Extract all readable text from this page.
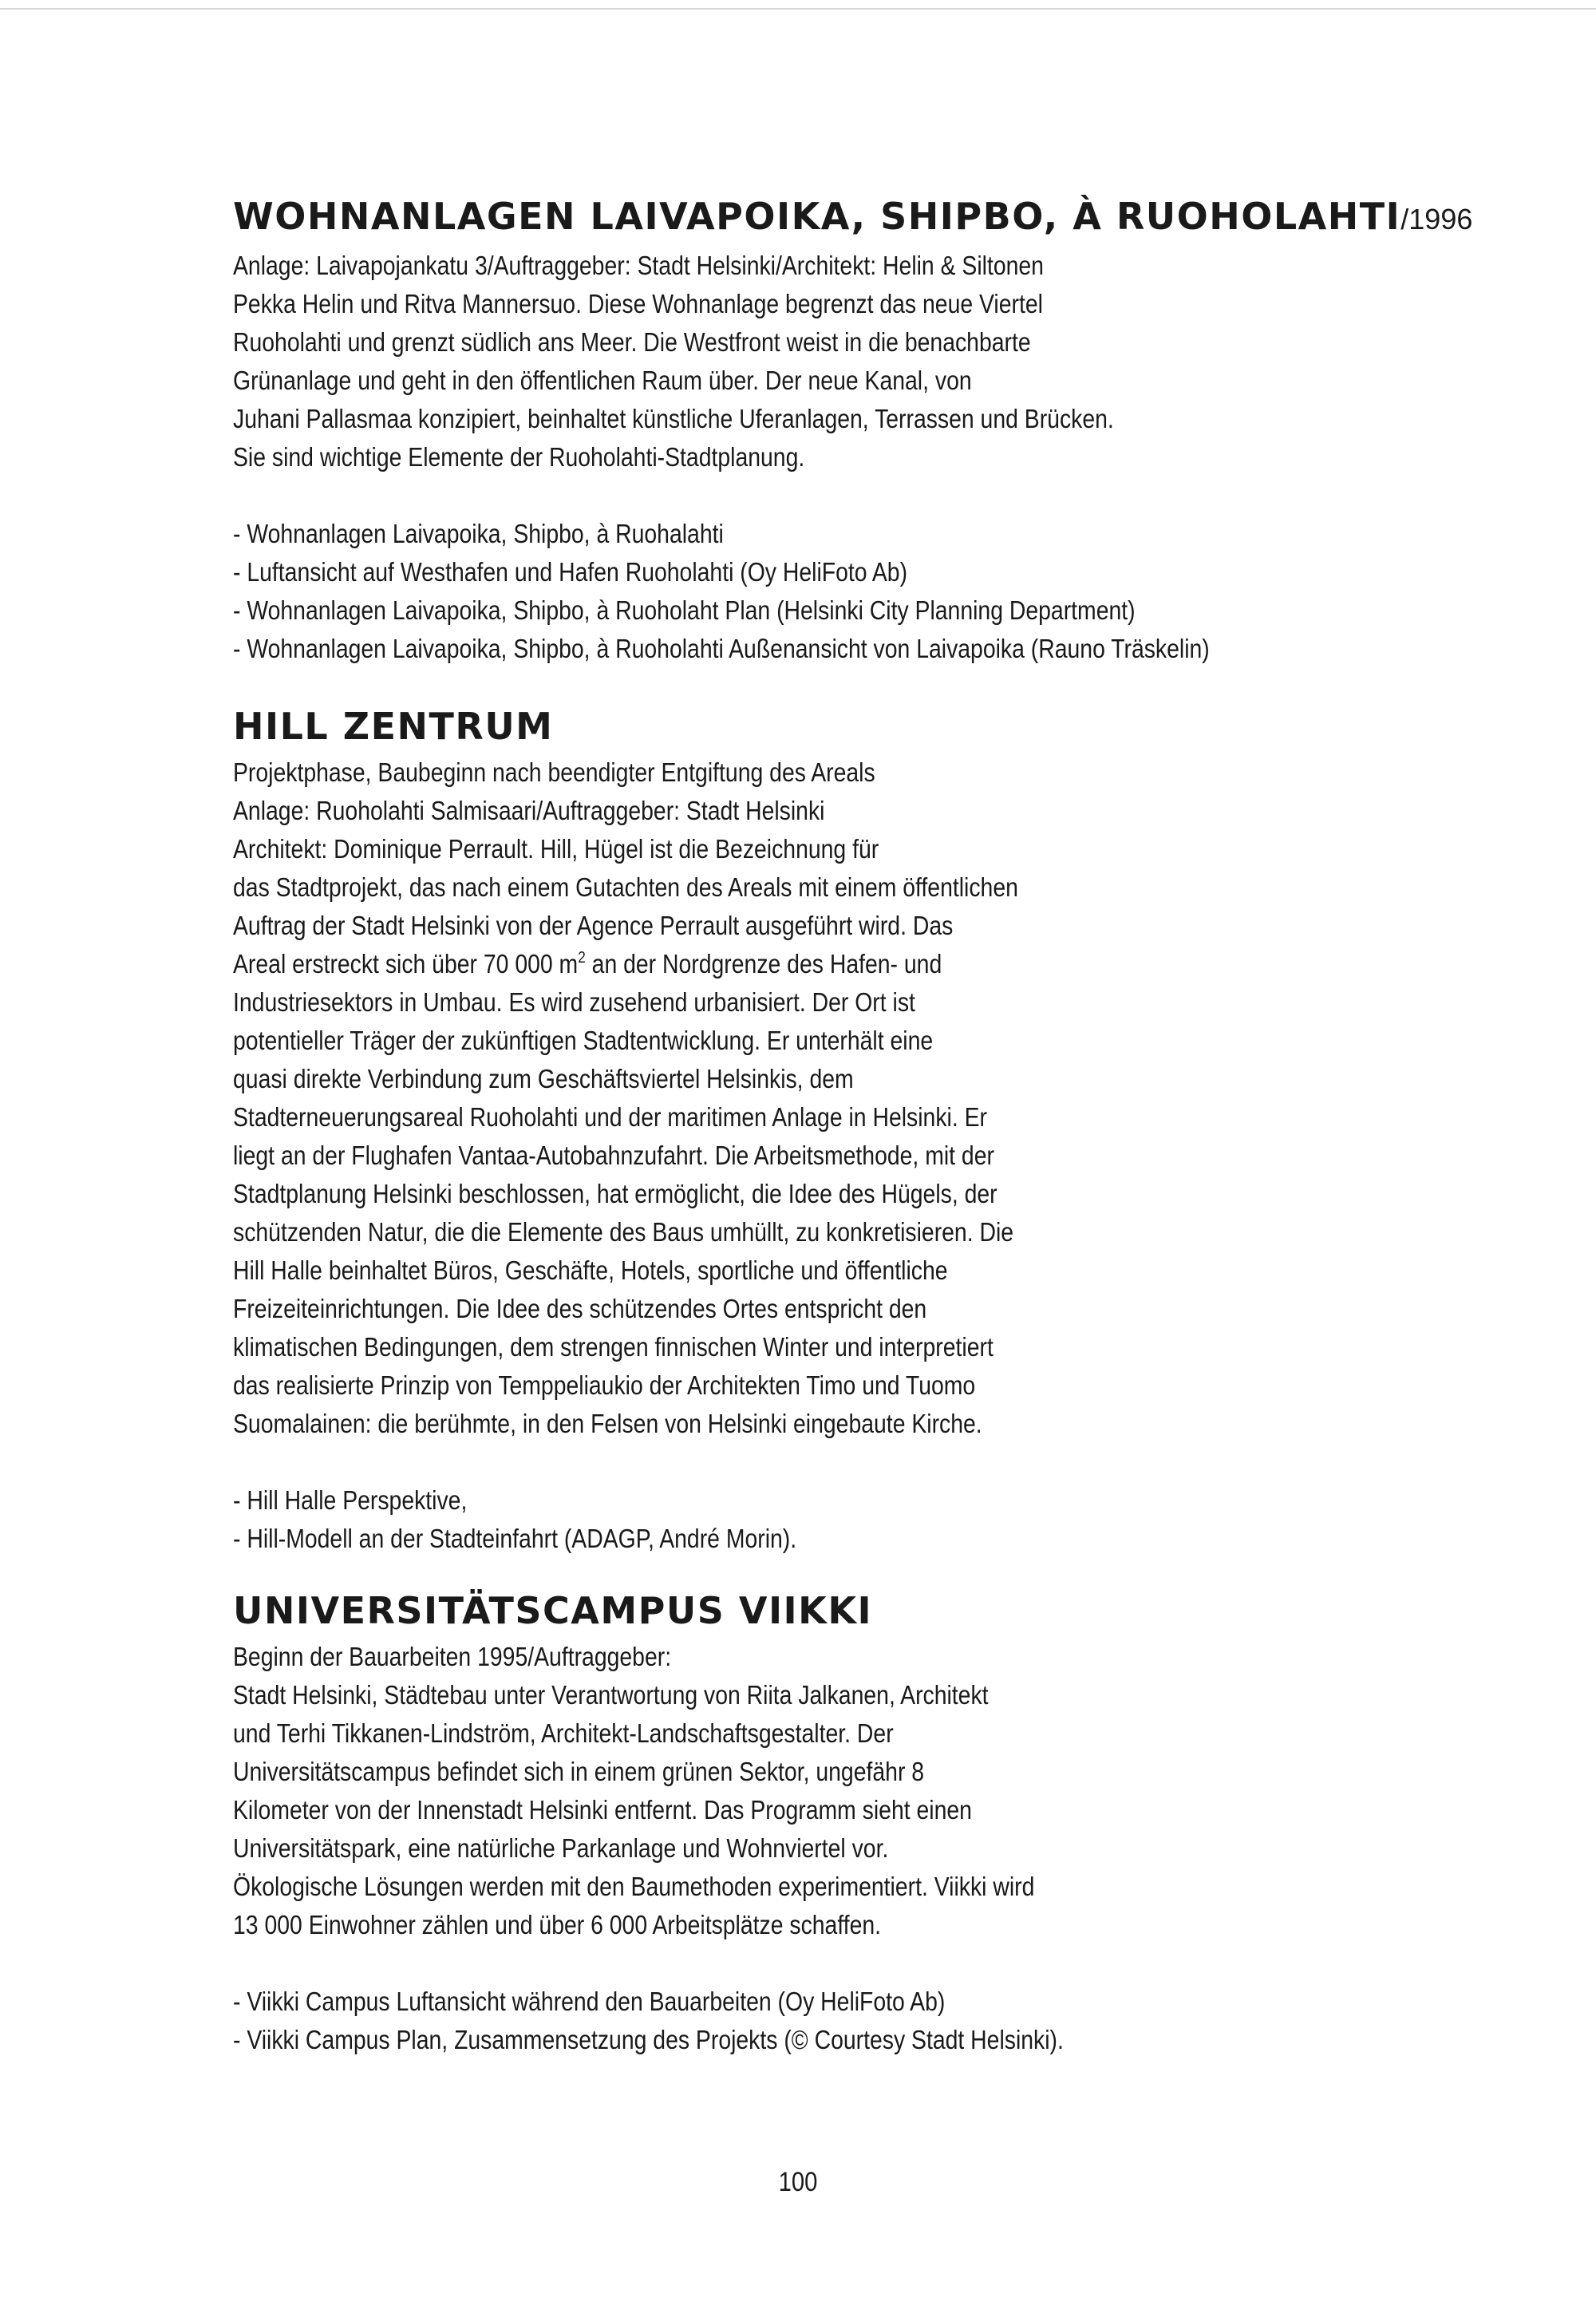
WOHNANLAGEN LAIVAPOIKA, SHIPBO, À RUOHOLAHTI/1996
Anlage: Laivapojankatu 3/Auftraggeber: Stadt Helsinki/Architekt: Helin & Siltonen
Pekka Helin und Ritva Mannersuo. Diese Wohnanlage begrenzt das neue Viertel
Ruoholahti und grenzt südlich ans Meer. Die Westfront weist in die benachbarte
Grünanlage und geht in den öffentlichen Raum über. Der neue Kanal, von
Juhani Pallasmaa konzipiert, beinhaltet künstliche Uferanlagen, Terrassen und Brücken.
Sie sind wichtige Elemente der Ruoholahti-Stadtplanung.
- Wohnanlagen Laivapoika, Shipbo, à Ruohalahti
- Luftansicht auf Westhafen und Hafen Ruoholahti (Oy HeliFoto Ab)
- Wohnanlagen Laivapoika, Shipbo, à Ruoholaht Plan (Helsinki City Planning Department)
- Wohnanlagen Laivapoika, Shipbo, à Ruoholahti Außenansicht von Laivapoika (Rauno Träskelin)
HILL ZENTRUM
Projektphase, Baubeginn nach beendigter Entgiftung des Areals
Anlage: Ruoholahti Salmisaari/Auftraggeber: Stadt Helsinki
Architekt: Dominique Perrault. Hill, Hügel ist die Bezeichnung für
das Stadtprojekt, das nach einem Gutachten des Areals mit einem öffentlichen
Auftrag der Stadt Helsinki von der Agence Perrault ausgeführt wird. Das
Areal erstreckt sich über 70 000 $m^2$ an der Nordgrenze des Hafen- und
Industriesektors in Umbau. Es wird zusehend urbanisiert. Der Ort ist
potentieller Träger der zukünftigen Stadtentwicklung. Er unterhält eine
quasi direkte Verbindung zum Geschäftsviertel Helsinkis, dem
Stadterneuerungsareal Ruoholahti und der maritimen Anlage in Helsinki. Er
liegt an der Flughafen Vantaa-Autobahnzufahrt. Die Arbeitsmethode, mit der
Stadtplanung Helsinki beschlossen, hat ermöglicht, die Idee des Hügels, der
schützenden Natur, die die Elemente des Baus umhüllt, zu konkretisieren. Die
Hill Halle beinhaltet Büros, Geschäfte, Hotels, sportliche und öffentliche
Freizeiteinrichtungen. Die Idee des schützendes Ortes entspricht den
klimatischen Bedingungen, dem strengen finnischen Winter und interpretiert
das realisierte Prinzip von Temppeliaukio der Architekten Timo und Tuomo
Suomalainen: die berühmte, in den Felsen von Helsinki eingebaute Kirche.
- Hill Halle Perspektive,
- Hill-Modell an der Stadteinfahrt (ADAGP, André Morin).
UNIVERSITÄTSCAMPUS VIIKKI
Beginn der Bauarbeiten 1995/Auftraggeber:
Stadt Helsinki, Städtebau unter Verantwortung von Riita Jalkanen, Architekt
und Terhi Tikkanen-Lindström, Architekt-Landschaftsgestalter. Der
Universitätscampus befindet sich in einem grünen Sektor, ungefähr 8
Kilometer von der Innenstadt Helsinki entfernt. Das Programm sieht einen
Universitätspark, eine natürliche Parkanlage und Wohnviertel vor.
Ökologische Lösungen werden mit den Baumethoden experimentiert. Viikki wird
13 000 Einwohner zählen und über 6 000 Arbeitsplätze schaffen.
- Viikki Campus Luftansicht während den Bauarbeiten (Oy HeliFoto Ab)
- Viikki Campus Plan, Zusammensetzung des Projekts (© Courtesy Stadt Helsinki).
100
